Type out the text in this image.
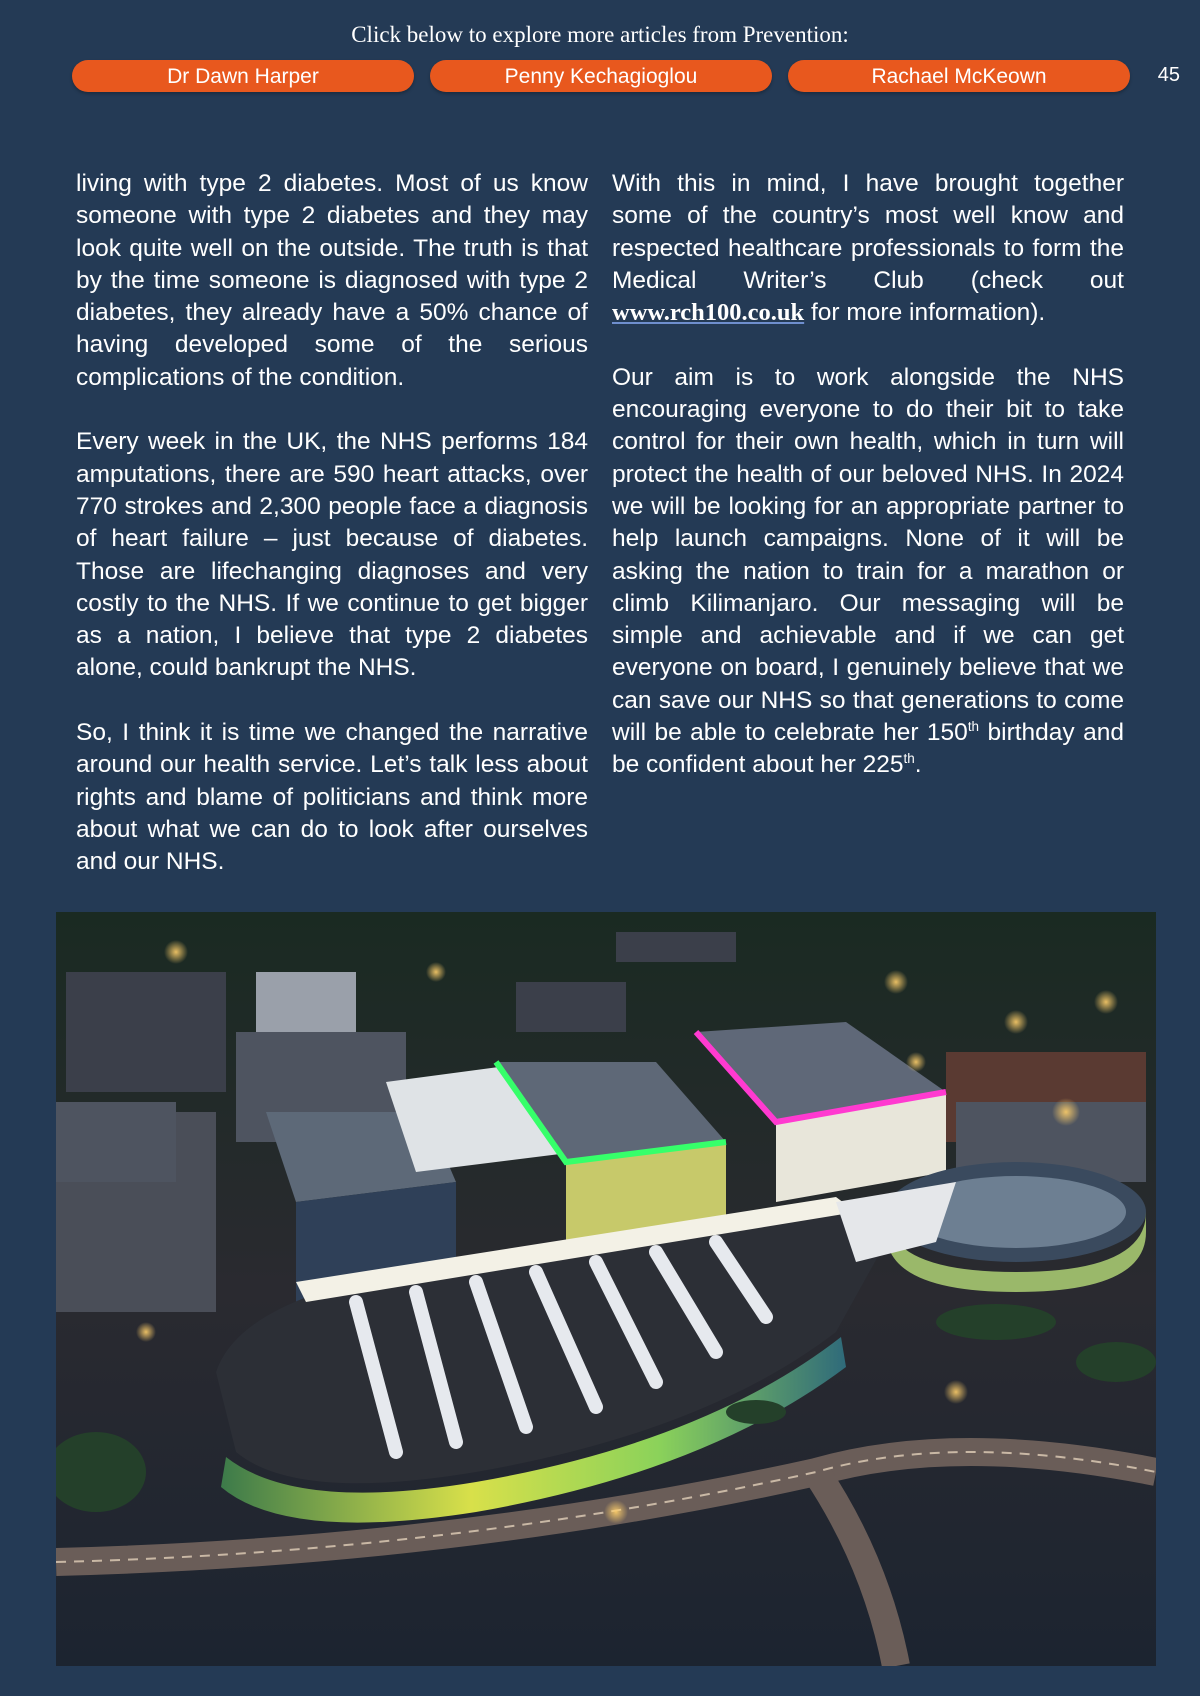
Click below to explore more articles from Prevention:
Dr Dawn Harper	Penny Kechagioglou	Rachael McKeown	45

living with type 2 diabetes. Most of us know someone with type 2 diabetes and they may look quite well on the outside. The truth is that by the time someone is diagnosed with type 2 diabetes, they already have a 50% chance of having developed some of the serious complications of the condition.

Every week in the UK, the NHS performs 184 amputations, there are 590 heart attacks, over 770 strokes and 2,300 people face a diagnosis of heart failure – just because of diabetes. Those are lifechanging diagnoses and very costly to the NHS. If we continue to get bigger as a nation, I believe that type 2 diabetes alone, could bankrupt the NHS.

So, I think it is time we changed the narrative around our health service. Let’s talk less about rights and blame of politicians and think more about what we can do to look after ourselves and our NHS.

With this in mind, I have brought together some of the country’s most well know and respected healthcare professionals to form the Medical Writer’s Club (check out www.rch100.co.uk for more information).

Our aim is to work alongside the NHS encouraging everyone to do their bit to take control for their own health, which in turn will protect the health of our beloved NHS. In 2024 we will be looking for an appropriate partner to help launch campaigns. None of it will be asking the nation to train for a marathon or climb Kilimanjaro. Our messaging will be simple and achievable and if we can get everyone on board, I genuinely believe that we can save our NHS so that generations to come will be able to celebrate her 150th birthday and be confident about her 225th.
